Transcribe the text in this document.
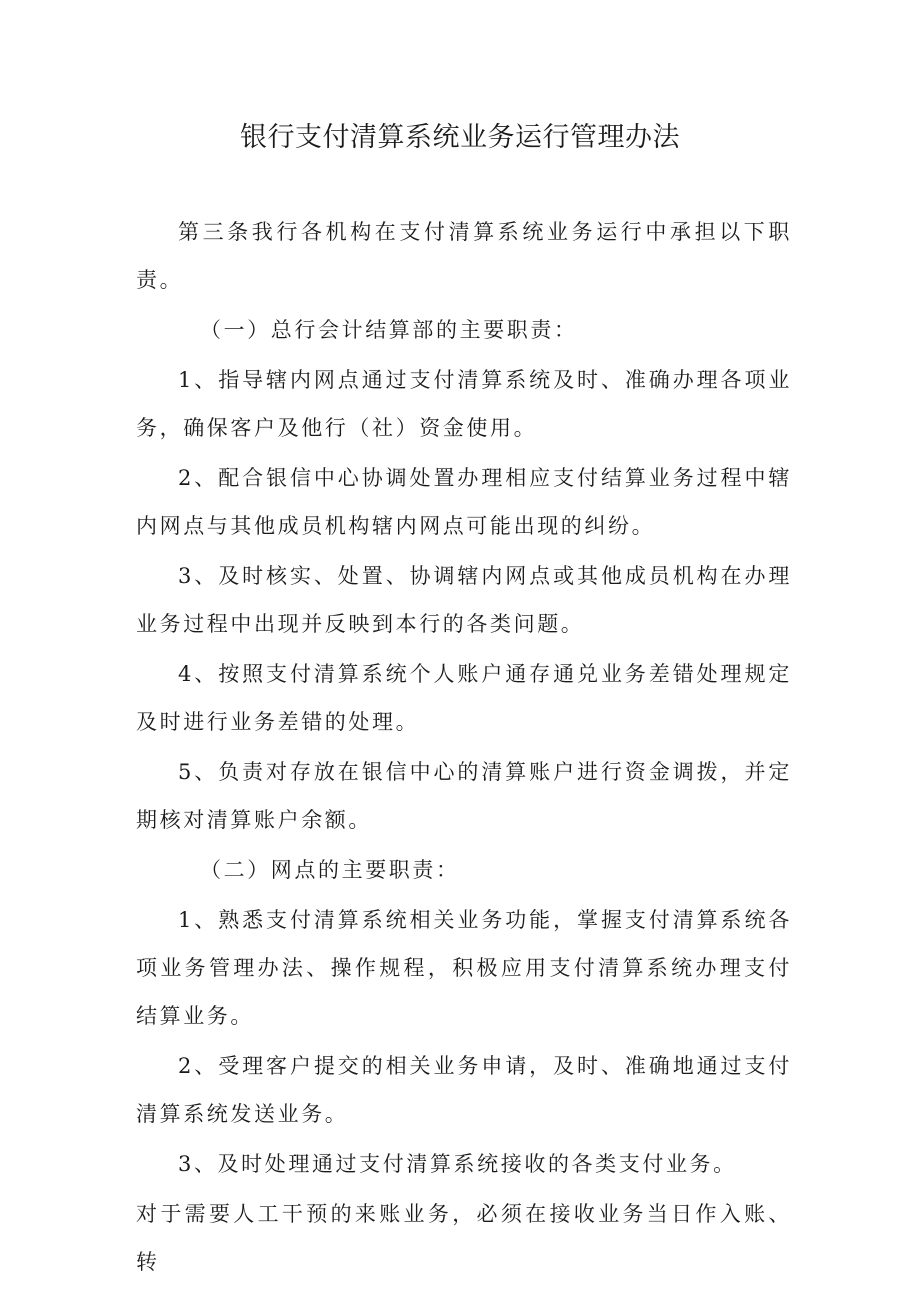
银行支付清算系统业务运行管理办法

第三条我行各机构在支付清算系统业务运行中承担以下职责。

（一）总行会计结算部的主要职责：

1、指导辖内网点通过支付清算系统及时、准确办理各项业务，确保客户及他行（社）资金使用。

2、配合银信中心协调处置办理相应支付结算业务过程中辖内网点与其他成员机构辖内网点可能出现的纠纷。

3、及时核实、处置、协调辖内网点或其他成员机构在办理业务过程中出现并反映到本行的各类问题。

4、按照支付清算系统个人账户通存通兑业务差错处理规定及时进行业务差错的处理。

5、负责对存放在银信中心的清算账户进行资金调拨，并定期核对清算账户余额。

（二）网点的主要职责：

1、熟悉支付清算系统相关业务功能，掌握支付清算系统各项业务管理办法、操作规程，积极应用支付清算系统办理支付结算业务。

2、受理客户提交的相关业务申请，及时、准确地通过支付清算系统发送业务。

3、及时处理通过支付清算系统接收的各类支付业务。

对于需要人工干预的来账业务，必须在接收业务当日作入账、转
